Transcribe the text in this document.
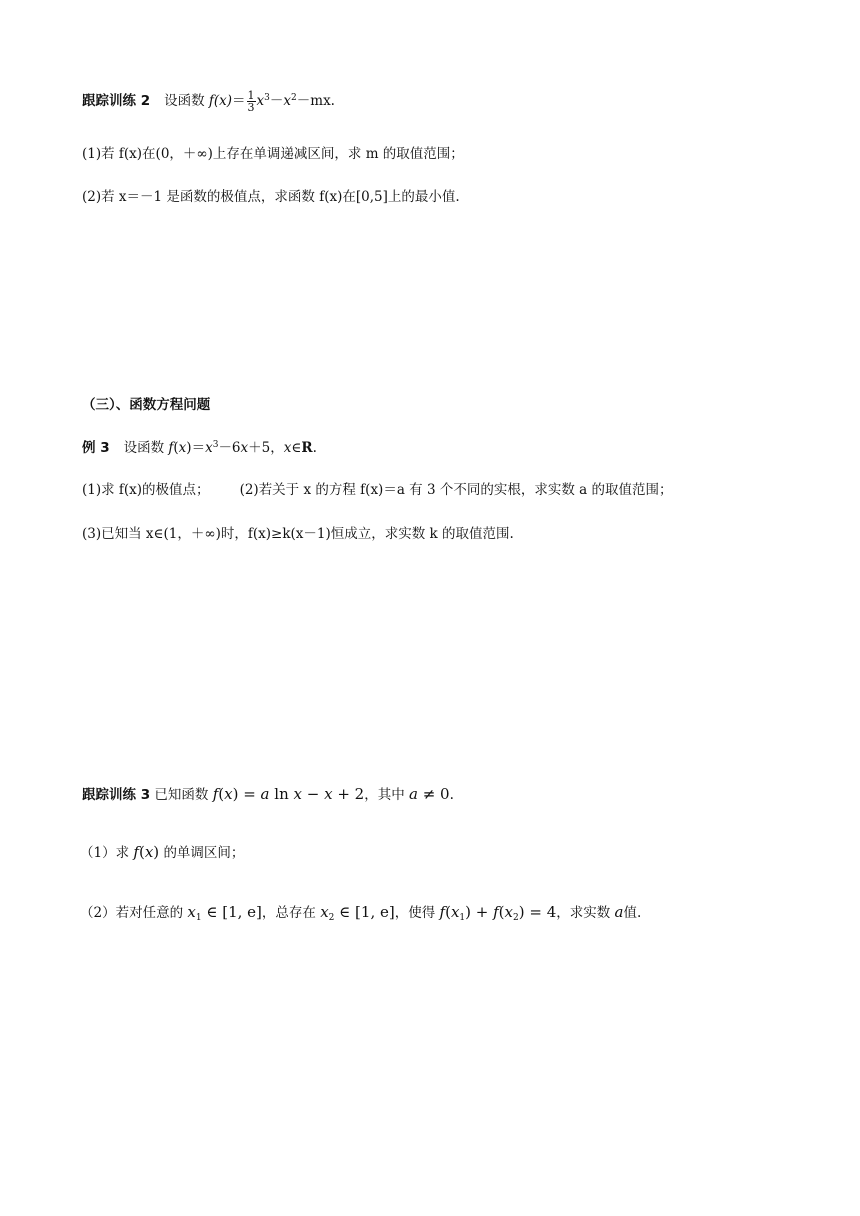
跟踪训练 2 设函数 $f(x)= \frac{1}{3} x^3-x^2-mx$.
(1)若 f(x)在(0，＋∞)上存在单调递减区间，求 m 的取值范围；
(2)若 x＝－1 是函数的极值点，求函数 f(x)在[0,5]上的最小值.
（三）、函数方程问题
例 3 设函数 $f(x)=x^3-6x+5$，x∈R.
(1)求 f(x)的极值点； (2)若关于 x 的方程 f(x)＝a 有 3 个不同的实根，求实数 a 的取值范围；
(3)已知当 x∈(1，＋∞)时，f(x)≥k(x－1)恒成立，求实数 k 的取值范围.
跟踪训练 3 已知函数 f(x) = a ln x − x + 2，其中 a ≠ 0.
（1）求 f(x) 的单调区间；
（2）若对任意的 $x_1$ ∈ [1, e]，总存在 $x_2$ ∈ [1, e]，使得 $f(x_1) + f(x_2) = 4$，求实数 a值.
